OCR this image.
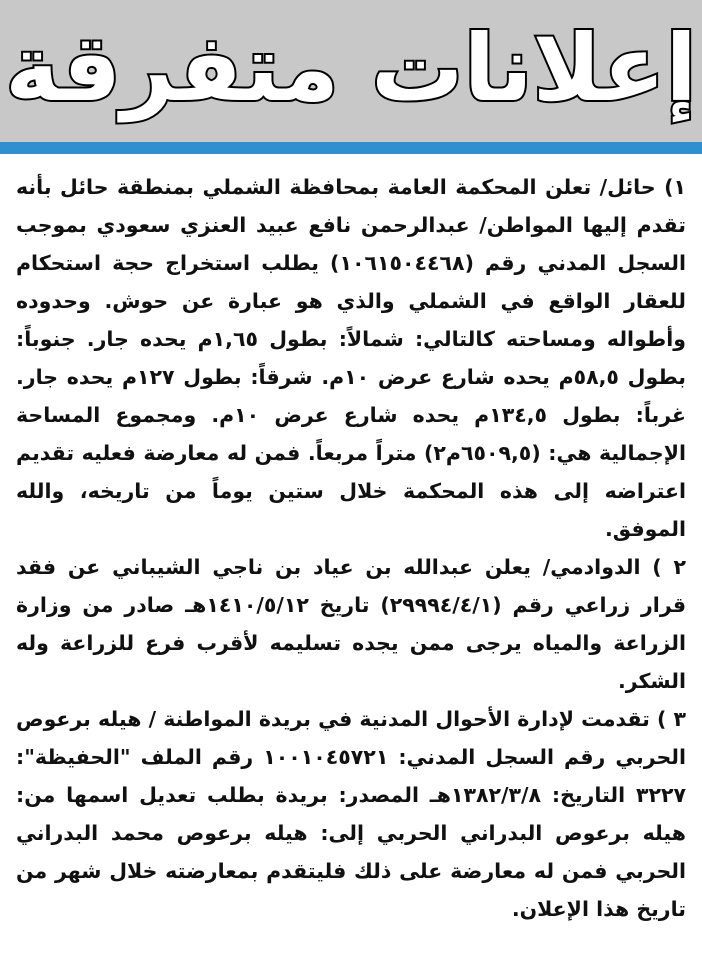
إعلانات متفرقة

١) حائل/ تعلن المحكمة العامة بمحافظة الشملي بمنطقة حائل بأنه تقدم إليها المواطن/ عبدالرحمن نافع عبيد العنزي سعودي بموجب السجل المدني رقم (١٠٦١٥٠٤٤٦٨) يطلب استخراج حجة استحكام للعقار الواقع في الشملي والذي هو عبارة عن حوش. وحدوده وأطواله ومساحته كالتالي: شمالاً: بطول ١,٦٥م يحده جار. جنوباً: بطول ٥٨,٥م يحده شارع عرض ١٠م. شرقاً: بطول ١٢٧م يحده جار. غرباً: بطول ١٣٤,٥م يحده شارع عرض ١٠م. ومجموع المساحة الإجمالية هي: (٦٥٠٩,٥م٢) متراً مربعاً. فمن له معارضة فعليه تقديم اعتراضه إلى هذه المحكمة خلال ستين يوماً من تاريخه، والله الموفق.

٢ ) الدوادمي/ يعلن عبدالله بن عياد بن ناجي الشيباني عن فقد قرار زراعي رقم (٢٩٩٩٤/٤/١) تاريخ ١٤١٠/٥/١٢هـ صادر من وزارة الزراعة والمياه يرجى ممن يجده تسليمه لأقرب فرع للزراعة وله الشكر.

٣ ) تقدمت لإدارة الأحوال المدنية في بريدة المواطنة / هيله برعوص الحربي رقم السجل المدني: ١٠٠١٠٤٥٧٢١ رقم الملف "الحفيظة": ٣٢٢٧ التاريخ: ١٣٨٢/٣/٨هـ المصدر: بريدة بطلب تعديل اسمها من: هيله برعوص البدراني الحربي إلى: هيله برعوص محمد البدراني الحربي فمن له معارضة على ذلك فليتقدم بمعارضته خلال شهر من تاريخ هذا الإعلان.
